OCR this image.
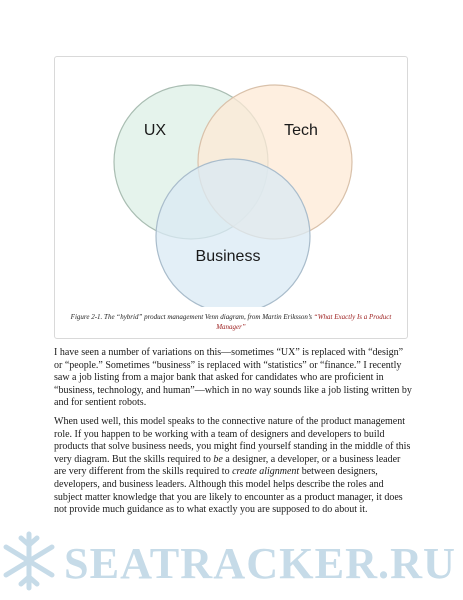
UX	Tech
Business
Figure 2-1. The “hybrid” product management Venn diagram, from Martin Eriksson’s “What Exactly Is a Product Manager”

I have seen a number of variations on this—sometimes “UX” is replaced with “design” or “people.” Sometimes “business” is replaced with “statistics” or “finance.” I recently saw a job listing from a major bank that asked for candidates who are proficient in “business, technology, and human”—which in no way sounds like a job listing written by and for sentient robots.

When used well, this model speaks to the connective nature of the product management role. If you happen to be working with a team of designers and developers to build products that solve business needs, you might find yourself standing in the middle of this very diagram. But the skills required to be a designer, a developer, or a business leader are very different from the skills required to create alignment between designers, developers, and business leaders. Although this model helps describe the roles and subject matter knowledge that you are likely to encounter as a product manager, it does not provide much guidance as to what exactly you are supposed to do about it.

SEATRACKER.RU
